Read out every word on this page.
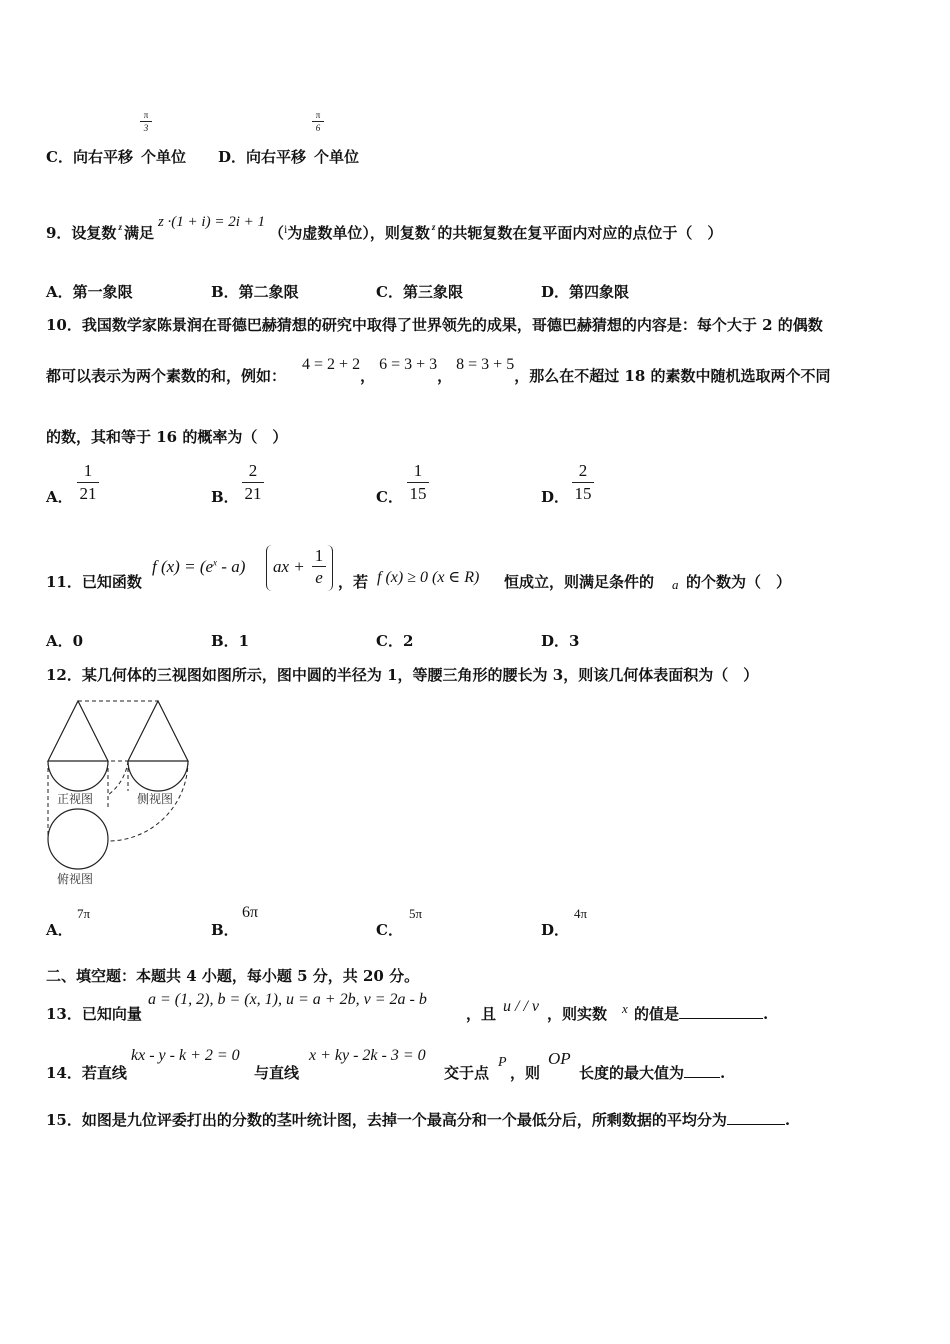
π
3
π
6
C．向右平移 个单位 D．向右平移 个单位
9．设复数 $^z$ 满足z ·(1 + i) = 2i + 1（$^i$为虚数单位），则复数 $^z$ 的共轭复数在复平面内对应的点位于（　）
A．第一象限	B．第二象限	C．第三象限	D．第四象限
10．我国数学家陈景润在哥德巴赫猜想的研究中取得了世界领先的成果，哥德巴赫猜想的内容是：每个大于 2 的偶数
都可以表示为两个素数的和，例如：4 = 2 + 2，6 = 3 + 3，8 = 3 + 5，那么在不超过 18 的素数中随机选取两个不同
的数，其和等于 16 的概率为（　）
A．
1
21	B．
2
21	C．
1
15	D．
2
15
11．已知函数
f $(x) = (e^x - a)$	ax +
1
e ，若 f (x) ≥ 0 (x ∈ R) 恒成立，则满足条件的 a 的个数为（　）
A．0	B．1	C．2	D．3
12．某几何体的三视图如图所示，图中圆的半径为 1，等腰三角形的腰长为 3，则该几何体表面积为（　）
正视图	侧视图
俯视图
A．
7π
B．
6π
C．
5π
D．
4π
二、填空题：本题共 4 小题，每小题 5 分，共 20 分。
13．已知向量
a = (1, 2), b = (x, 1), u = a + 2b, v = 2a - b
，且 u / / v ，则实数 x 的值是	.
14．若直线
kx - y - k + 2 = 0
与直线
x + ky - 2k - 3 = 0
交于点
P
，则
OP
长度的最大值为 .
15．如图是九位评委打出的分数的茎叶统计图，去掉一个最高分和一个最低分后，所剩数据的平均分为	.
